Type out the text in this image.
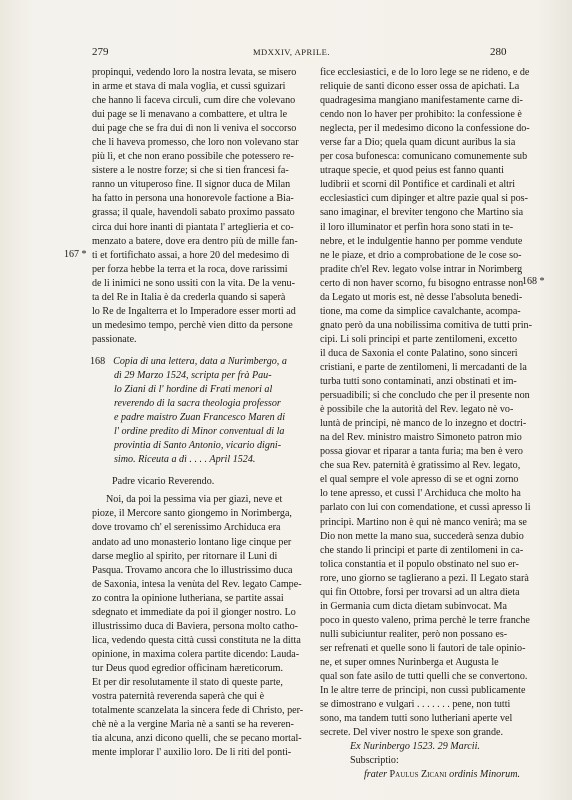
279	MDXXIV, APRILE.	280
167 *
168 *
propinqui, vedendo loro la nostra levata, se misero
in arme et stava di mala voglia, et cussì sguizari
che hanno li faceva circuli, cum dire che volevano
dui page se li menavano a combattere, et ultra le
dui page che se fra dui dì non li veniva el soccorso
che li haveva promesso, che loro non volevano star
più lì, et che non erano possibile che potessero re-
sistere a le nostre forze; si che si tien francesi fa-
ranno un vituperoso fine. Il signor duca de Milan
ha fatto in persona una honorevole factione a Bia-
grassa; il quale, havendoli sabato proximo passato
circa dui hore inanti di piantata l' arteglieria et co-
menzato a batere, dove era dentro più de mille fan-
ti et fortifichato assai, a hore 20 del medesimo dì
per forza hebbe la terra et la roca, dove rarissimi
de li inimici ne sono ussiti con la vita. De la venu-
ta del Re in Italia è da crederla quando si saperà
lo Re de Ingalterra et lo Imperadore esser morti ad
un medesimo tempo, perchè vien ditto da persone
passionate.
168 Copia di una lettera, data a Nurimbergo, a
dì 29 Marzo 1524, scripta per frà Pau-
lo Ziani di l' hordine di Frati menori al
reverendo di la sacra theologia professor
e padre maistro Zuan Francesco Maren di
l' ordine predito di Minor conventual di la
provintia di Santo Antonio, vicario digni-
simo. Riceuta a dì . . . . April 1524.
Padre vicario Reverendo.
Noi, da poi la pessima via per giazi, neve et
pioze, il Mercore santo giongemo in Norimberga,
dove trovamo ch' el serenissimo Archiduca era
andato ad uno monasterio lontano lige cinque per
darse meglio al spirito, per ritornare il Luni di
Pasqua. Trovamo ancora che lo illustrissimo duca
de Saxonia, intesa la venùta del Rev. legato Campe-
zo contra la opinione lutheriana, se partite assai
sdegnato et immediate da poi il gionger nostro. Lo
illustrissimo duca di Baviera, persona molto catho-
lica, vedendo questa città cussì constituta ne la ditta
opinione, in maxima colera partite dicendo: Lauda-
tur Deus quod egredior officinam hæreticorum.
Et per dir resolutamente il stato di queste parte,
vostra paternità reverenda saperà che qui è
totalmente scanzelata la sincera fede di Christo, per-
chè nè a la vergine Maria nè a santi se ha reveren-
tia alcuna, anzi dicono quelli, che se pecano mortal-
mente implorar l' auxilio loro. De li riti del ponti-
fice ecclesiastici, e de lo loro lege se ne rideno, e de
reliquie de santi dicono esser ossa de apichati. La
quadragesima mangiano manifestamente carne di-
cendo non lo haver per prohibito: la confessione è
neglecta, per il medesimo dicono la confessione do-
verse far a Dio; quela quam dicunt auribus la sia
per cosa bufonesca: comunicano comunemente sub
utraque specie, et quod peius est fanno quanti
ludibrii et scorni dil Pontifice et cardinali et altri
ecclesiastici cum dipinger et altre pazie qual si pos-
sano imaginar, el breviter tengono che Martino sia
il loro illuminator et perfin hora sono stati in te-
nebre, et le indulgentie hanno per pomme vendute
ne le piaze, et drio a comprobatione de le cose so-
pradite ch'el Rev. legato volse intrar in Norimberg
certo di non haver scorno, fu bisogno entrasse non
da Legato ut moris est, nè desse l'absoluta benedi-
tione, ma come da simplice cavalchante, acompa-
gnato però da una nobilissima comitiva de tutti prin-
cipi. Li soli principi et parte zentilomeni, excetto
il duca de Saxonia el conte Palatino, sono sinceri
cristiani, e parte de zentilomeni, li mercadanti de la
turba tutti sono contaminati, anzi obstinati et im-
persuadibili; si che concludo che per il presente non
è possibile che la autorità del Rev. legato nè vo-
luntà de principi, nè manco de lo inzegno et doctri-
na del Rev. ministro maistro Simoneto patron mio
possa giovar et riparar a tanta furia; ma ben è vero
che sua Rev. paternità è gratissimo al Rev. legato,
el qual sempre el vole apresso di se et ogni zorno
lo tene apresso, et cussì l' Archiduca che molto ha
parlato con lui con comendatione, et cussì apresso li
principi. Martino non è qui nè manco venirà; ma se
Dio non mette la mano sua, succederà senza dubio
che stando li principi et parte di zentilomeni in ca-
tolica constantia et il populo obstinato nel suo er-
rore, uno giorno se taglierano a pezi. Il Legato starà
qui fin Ottobre, forsi per trovarsi ad un altra dieta
in Germania cum dicta dietam subinvocat. Ma
poco in questo valeno, prima perchè le terre franche
nulli subiciuntur realiter, però non possano es-
ser refrenati et quelle sono li fautori de tale opinio-
ne, et super omnes Nurinberga et Augusta le
qual son fate asilo de tutti quelli che se convertono.
In le altre terre de principi, non cussì publicamente
se dimostrano e vulgari . . . . . . . pene, non tutti
sono, ma tandem tutti sono lutheriani aperte vel
secrete. Del viver nostro le spexe son grande.
Ex Nurinbergo 1523. 29 Marcii.
Subscriptio:
frater Paulus Zicani ordinis Minorum.
